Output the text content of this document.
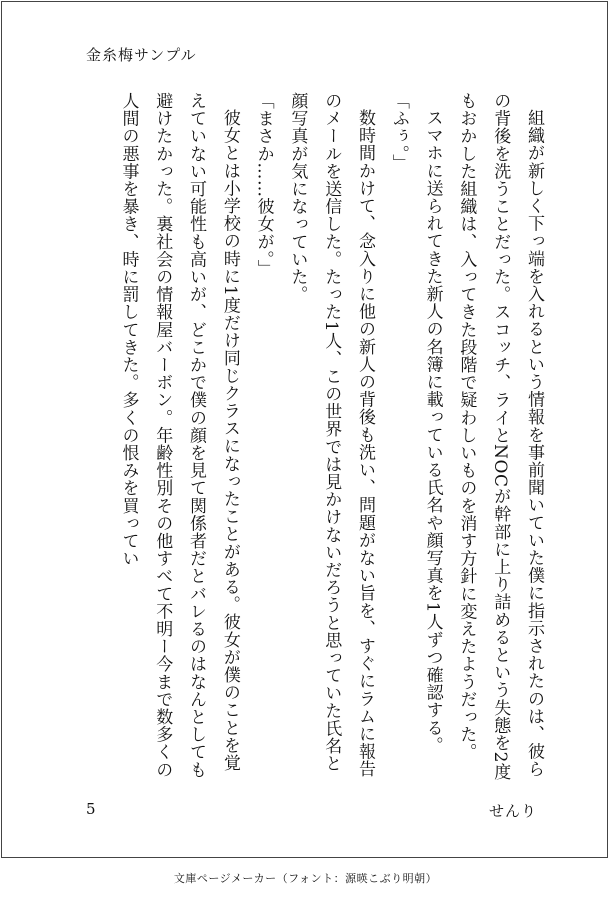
金糸梅サンプル

組織が新しく下っ端を入れるという情報を事前聞いていた僕に指示されたのは、彼らの背後を洗うことだった。スコッチ、ライとNOCが幹部に上り詰めるという失態を2度もおかした組織は、入ってきた段階で疑わしいものを消す方針に変えたようだった。

スマホに送られてきた新人の名簿に載っている氏名や顔写真を1人ずつ確認する。

「ふぅ。」

数時間かけて、念入りに他の新人の背後も洗い、問題がない旨を、すぐにラムに報告のメールを送信した。たった1人、この世界では見かけないだろうと思っていた氏名と顔写真が気になっていた。

「まさか……彼女が。」

彼女とは小学校の時に1度だけ同じクラスになったことがある。彼女が僕のことを覚えていない可能性も高いが、どこかで僕の顔を見て関係者だとバレるのはなんとしても避けたかった。裏社会の情報屋バーボン。年齢性別その他すべて不明ー今まで数多くの人間の悪事を暴き、時に罰してきた。多くの恨みを買ってい

5	せんり
文庫ページメーカー（フォント：源暎こぶり明朝）
